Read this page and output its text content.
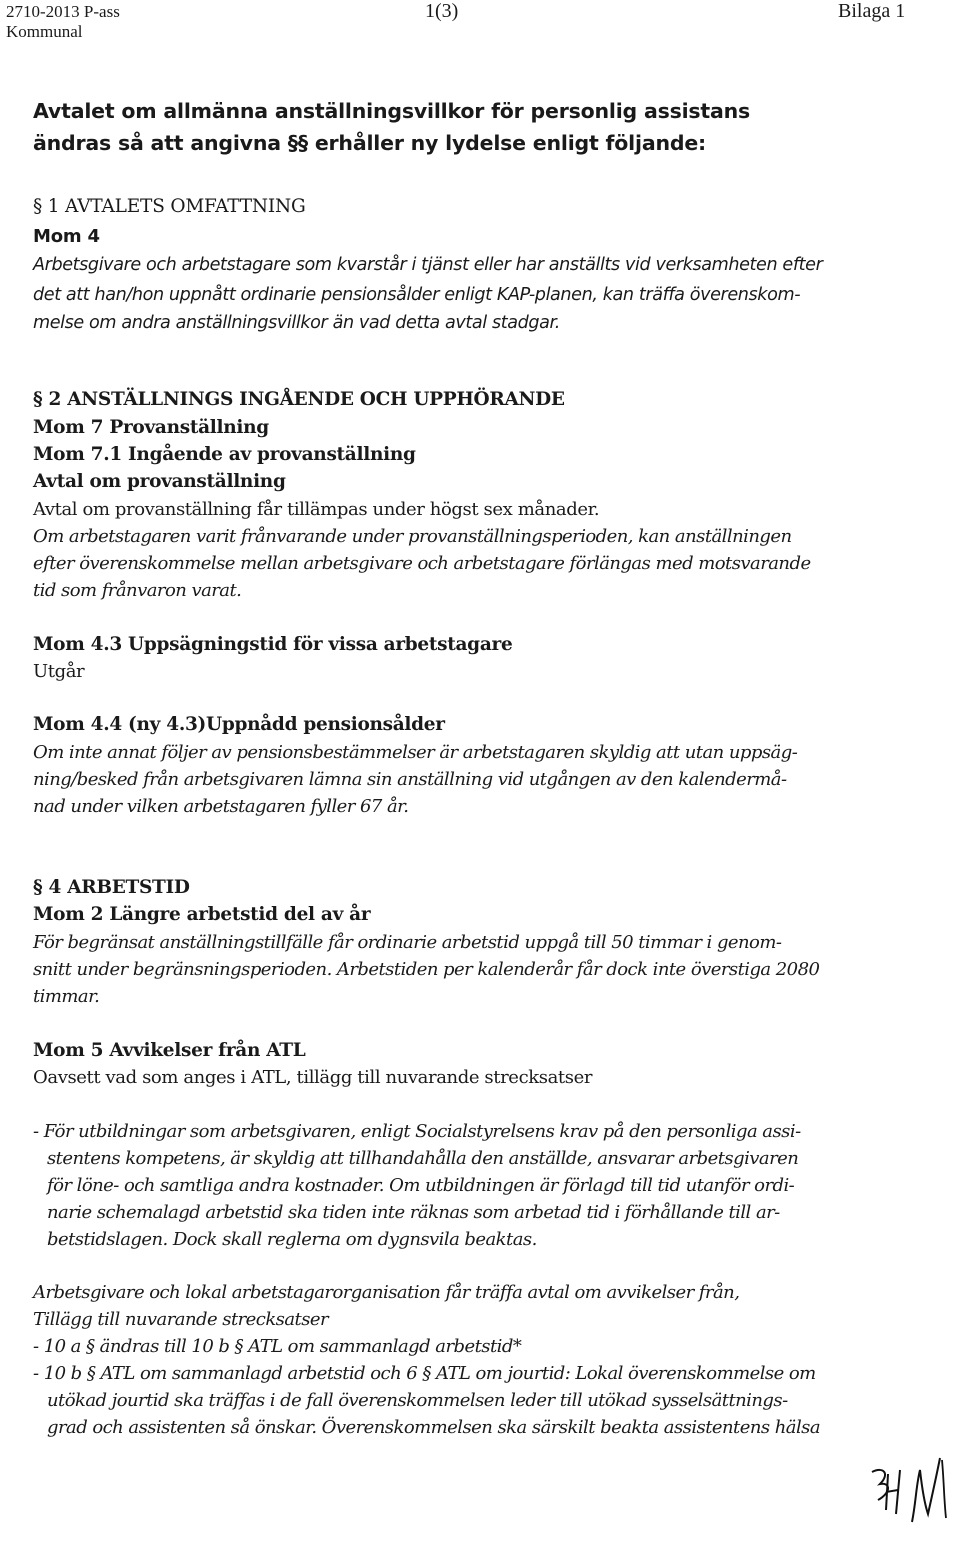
2710-2013 P-ass

Kommunal

1(3)	Bilaga 1

Avtalet om allmänna anställningsvillkor för personlig assistans

ändras så att angivna §§ erhåller ny lydelse enligt följande:

§ 1 AVTALETS OMFATTNING

Mom 4

Arbetsgivare och arbetstagare som kvarstår i tjänst eller har anställts vid verksamheten efter

det att han/hon uppnått ordinarie pensionsålder enligt KAP-planen, kan träffa överenskom-

melse om andra anställningsvillkor än vad detta avtal stadgar.

§ 2 ANSTÄLLNINGS INGÅENDE OCH UPPHÖRANDE

Mom 7 Provanställning

Mom 7.1 Ingående av provanställning

Avtal om provanställning

Avtal om provanställning får tillämpas under högst sex månader.

Om arbetstagaren varit frånvarande under provanställningsperioden, kan anställningen

efter överenskommelse mellan arbetsgivare och arbetstagare förlängas med motsvarande

tid som frånvaron varat.

Mom 4.3 Uppsägningstid för vissa arbetstagare

Utgår

Mom 4.4 (ny 4.3)Uppnådd pensionsålder

Om inte annat följer av pensionsbestämmelser är arbetstagaren skyldig att utan uppsäg-

ning/besked från arbetsgivaren lämna sin anställning vid utgången av den kalendermå-

nad under vilken arbetstagaren fyller 67 år.

§ 4 ARBETSTID

Mom 2 Längre arbetstid del av år

För begränsat anställningstillfälle får ordinarie arbetstid uppgå till 50 timmar i genom-

snitt under begränsningsperioden. Arbetstiden per kalenderår får dock inte överstiga 2080

timmar.

Mom 5 Avvikelser från ATL

Oavsett vad som anges i ATL, tillägg till nuvarande strecksatser

- För utbildningar som arbetsgivaren, enligt Socialstyrelsens krav på den personliga assi-

stentens kompetens, är skyldig att tillhandahålla den anställde, ansvarar arbetsgivaren

för löne- och samtliga andra kostnader. Om utbildningen är förlagd till tid utanför ordi-

narie schemalagd arbetstid ska tiden inte räknas som arbetad tid i förhållande till ar-

betstidslagen. Dock skall reglerna om dygnsvila beaktas.

Arbetsgivare och lokal arbetstagarorganisation får träffa avtal om avvikelser från,

Tillägg till nuvarande strecksatser

- 10 a § ändras till 10 b § ATL om sammanlagd arbetstid*

- 10 b § ATL om sammanlagd arbetstid och 6 § ATL om jourtid: Lokal överenskommelse om

utökad jourtid ska träffas i de fall överenskommelsen leder till utökad sysselsättnings-

grad och assistenten så önskar. Överenskommelsen ska särskilt beakta assistentens hälsa
